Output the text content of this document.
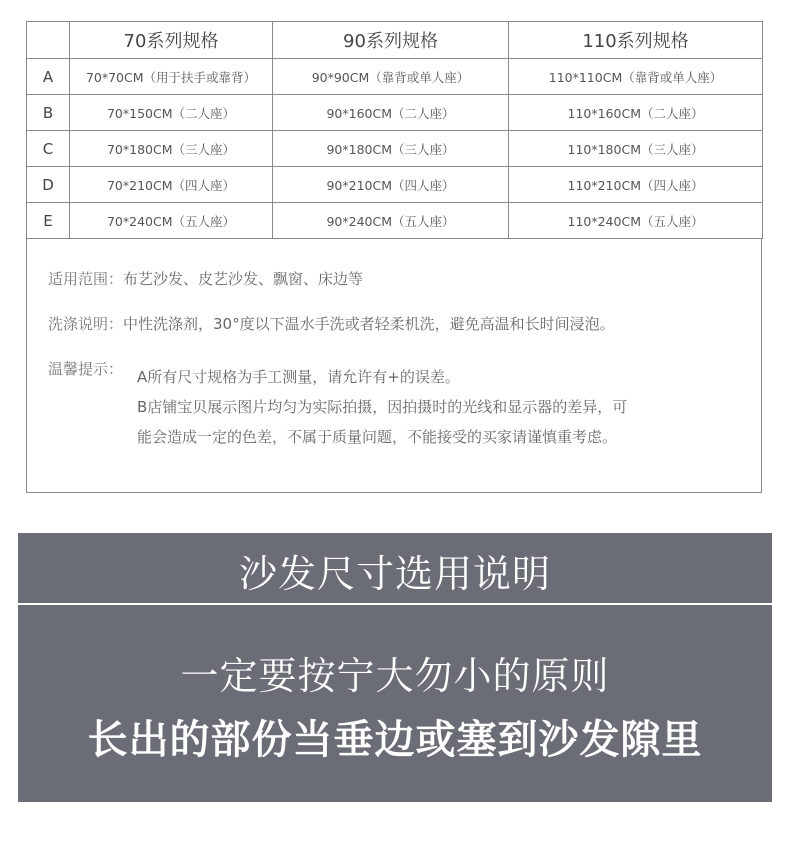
	70系列规格	90系列规格	110系列规格
A	70*70CM（用于扶手或靠背）	90*90CM（靠背或单人座）	110*110CM（靠背或单人座）
B	70*150CM（二人座）	90*160CM（二人座）	110*160CM（二人座）
C	70*180CM（三人座）	90*180CM（三人座）	110*180CM（三人座）
D	70*210CM（四人座）	90*210CM（四人座）	110*210CM（四人座）
E	70*240CM（五人座）	90*240CM（五人座）	110*240CM（五人座）
适用范围：布艺沙发、皮艺沙发、飘窗、床边等
洗涤说明：中性洗涤剂，30°度以下温水手洗或者轻柔机洗，避免高温和长时间浸泡。
温馨提示： A所有尺寸规格为手工测量，请允许有+的误差。
B店铺宝贝展示图片均匀为实际拍摄，因拍摄时的光线和显示器的差异，可
能会造成一定的色差，不属于质量问题，不能接受的买家请谨慎重考虑。
沙发尺寸选用说明
一定要按宁大勿小的原则
长出的部份当垂边或塞到沙发隙里
